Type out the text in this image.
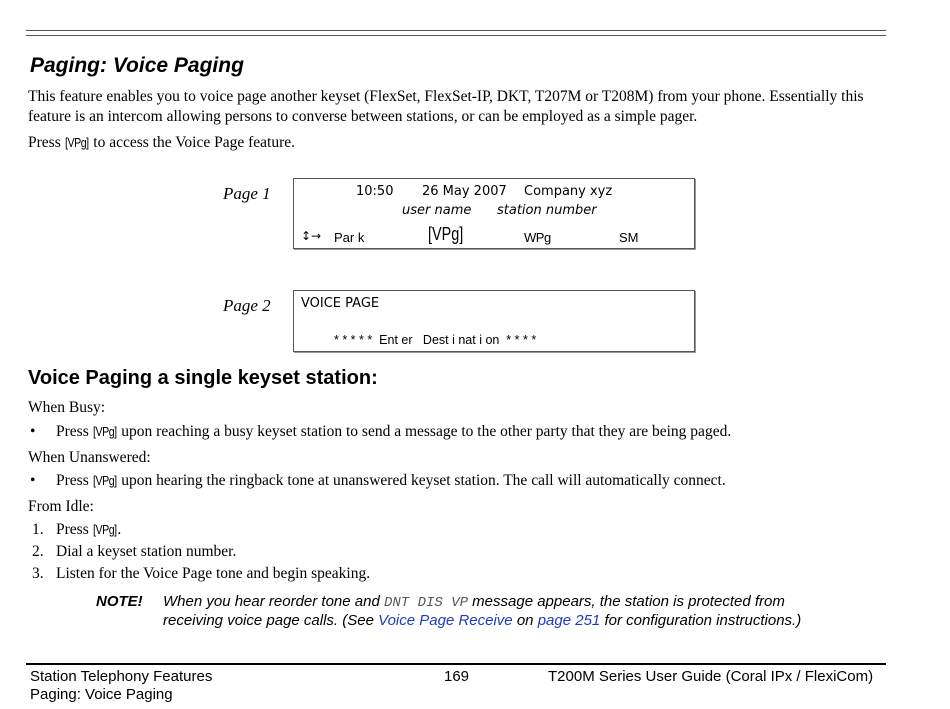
Paging: Voice Paging
This feature enables you to voice page another keyset (FlexSet, FlexSet-IP, DKT, T207M or T208M) from your phone. Essentially this feature is an intercom allowing persons to converse between stations, or can be employed as a simple pager.
Press [VPg] to access the Voice Page feature.
Page 1	10:50 26 May 2007 Company xyz
user name station number
↕→ Par k	[VPg]	WPg	SM
Page 2 VOICE PAGE
* * * * *  Ent er   Dest i nat i on  * * * *
Voice Paging a single keyset station:
When Busy:
• Press [VPg] upon reaching a busy keyset station to send a message to the other party that they are being paged.
When Unanswered:
• Press [VPg] upon hearing the ringback tone at unanswered keyset station. The call will automatically connect.
From Idle:
1. Press [VPg].
2. Dial a keyset station number.
3. Listen for the Voice Page tone and begin speaking.
NOTE! When you hear reorder tone and DNT DIS VP message appears, the station is protected from
receiving voice page calls. (See Voice Page Receive on page 251 for configuration instructions.)
Station Telephony Features
Paging: Voice Paging
169	T200M Series User Guide (Coral IPx / FlexiCom)
